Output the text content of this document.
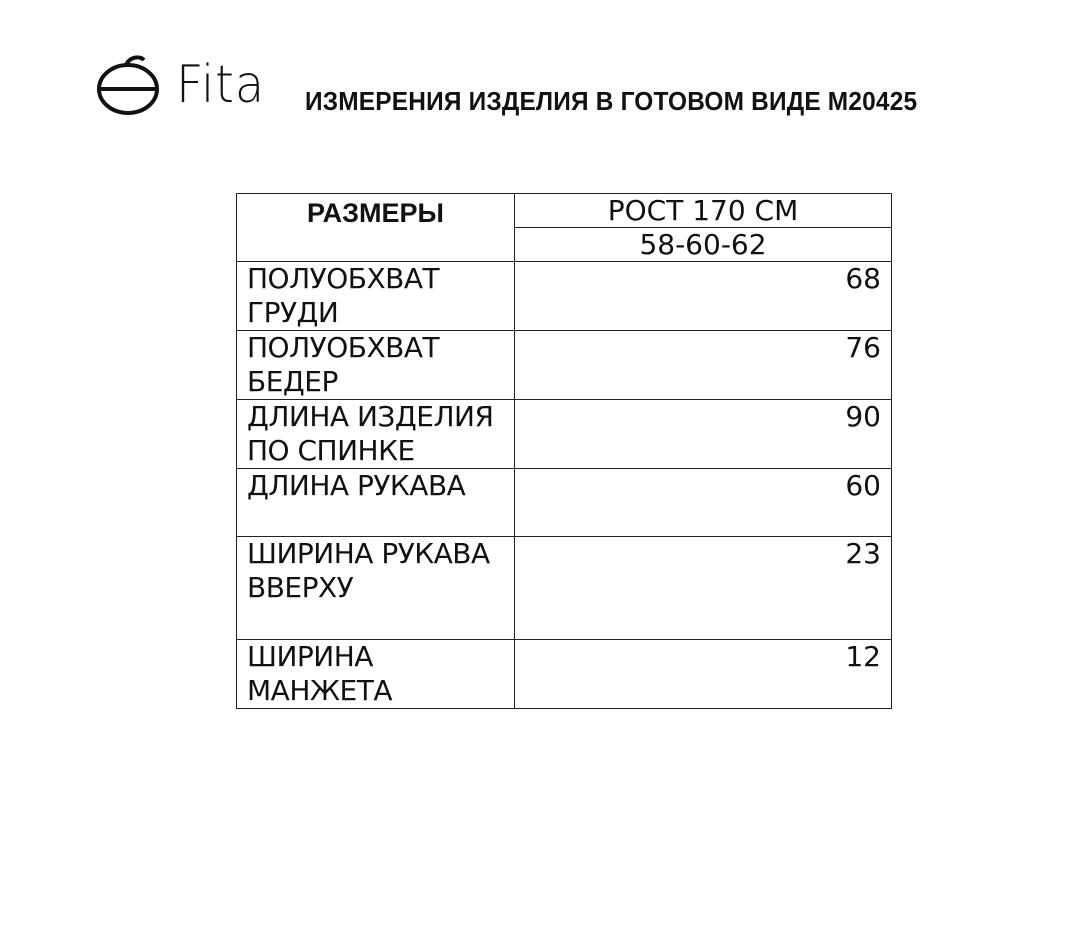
Fita ИЗМЕРЕНИЯ ИЗДЕЛИЯ В ГОТОВОМ ВИДЕ М20425
РАЗМЕРЫ	РОСТ 170 СМ
	58-60-62

ПОЛУОБХВАТ
ГРУДИ	68

ПОЛУОБХВАТ
БЕДЕР	76

ДЛИНА ИЗДЕЛИЯ
ПО СПИНКЕ	90

ДЛИНА РУКАВА	60

ШИРИНА РУКАВА
ВВЕРХУ	23

ШИРИНА
МАНЖЕТА	12
